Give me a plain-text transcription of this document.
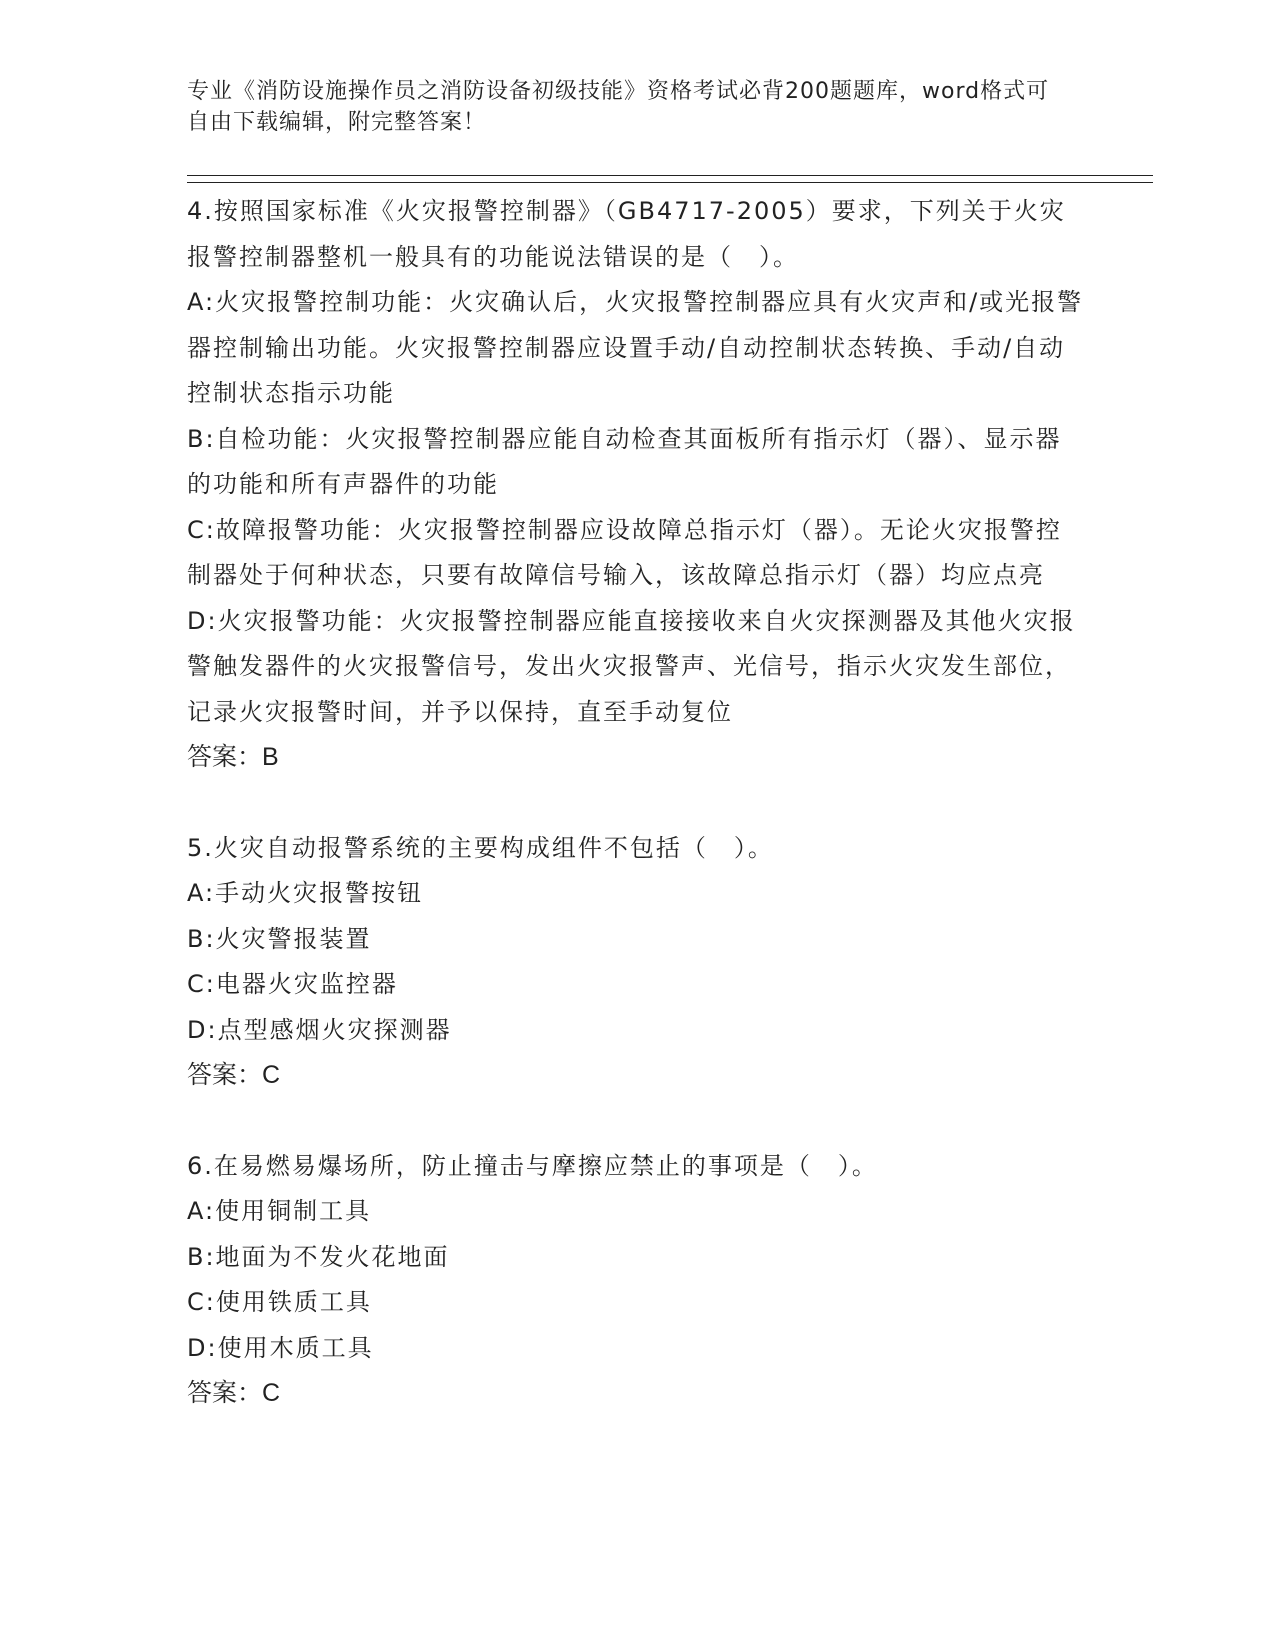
专业《消防设施操作员之消防设备初级技能》资格考试必背200题题库，word格式可自由下载编辑，附完整答案！

4.按照国家标准《火灾报警控制器》（GB4717-2005）要求，下列关于火灾报警控制器整机一般具有的功能说法错误的是（　）。

A:火灾报警控制功能：火灾确认后，火灾报警控制器应具有火灾声和/或光报警器控制输出功能。火灾报警控制器应设置手动/自动控制状态转换、手动/自动控制状态指示功能

B:自检功能：火灾报警控制器应能自动检查其面板所有指示灯（器）、显示器的功能和所有声器件的功能

C:故障报警功能：火灾报警控制器应设故障总指示灯（器）。无论火灾报警控制器处于何种状态，只要有故障信号输入，该故障总指示灯（器）均应点亮

D:火灾报警功能：火灾报警控制器应能直接接收来自火灾探测器及其他火灾报警触发器件的火灾报警信号，发出火灾报警声、光信号，指示火灾发生部位，记录火灾报警时间，并予以保持，直至手动复位

答案：B

5.火灾自动报警系统的主要构成组件不包括（　）。

A:手动火灾报警按钮

B:火灾警报装置

C:电器火灾监控器

D:点型感烟火灾探测器

答案：C

6.在易燃易爆场所，防止撞击与摩擦应禁止的事项是（　）。

A:使用铜制工具

B:地面为不发火花地面

C:使用铁质工具

D:使用木质工具

答案：C
